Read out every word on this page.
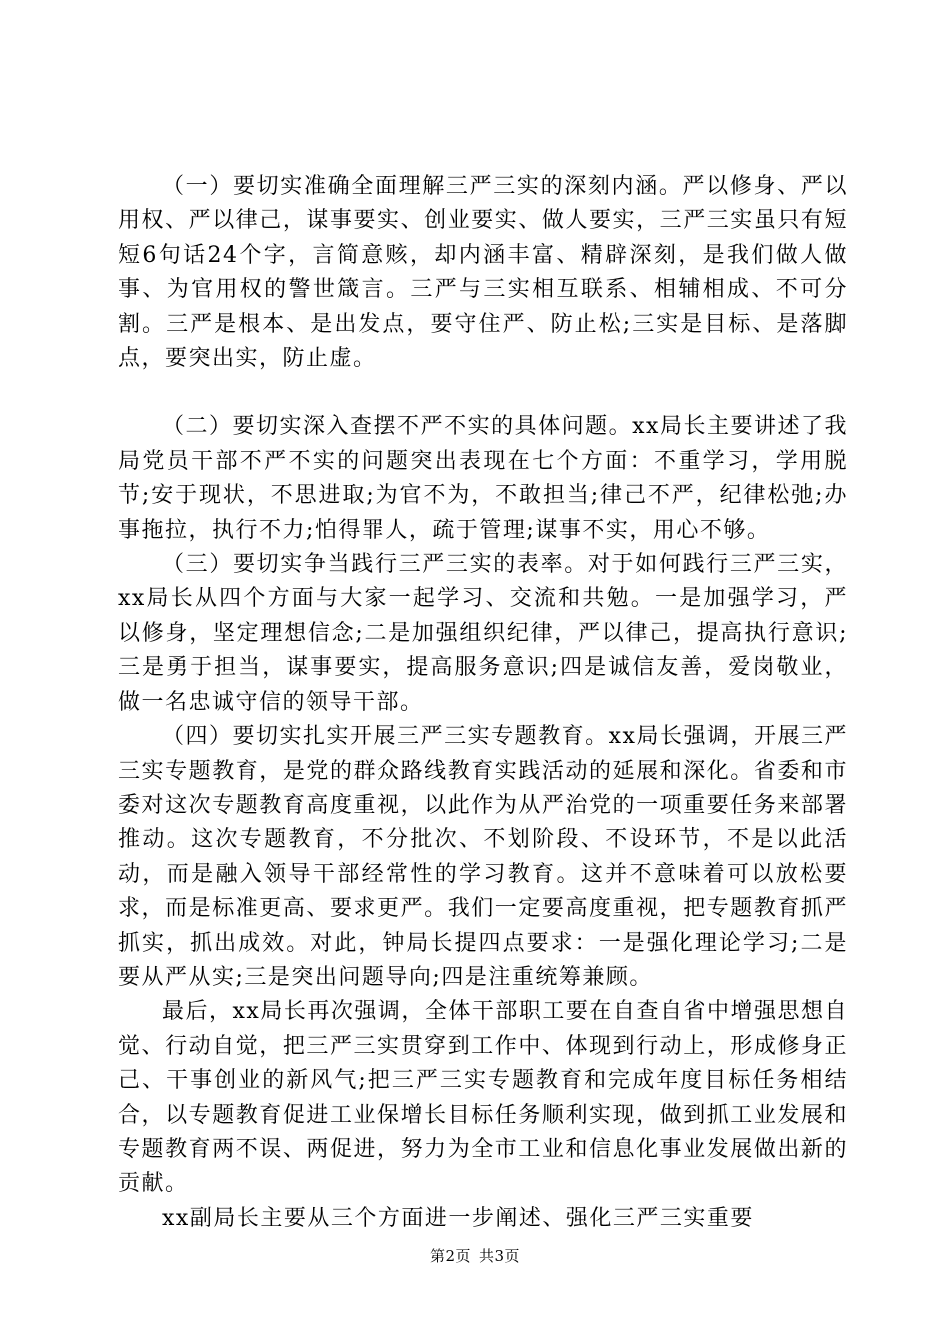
（一）要切实准确全面理解三严三实的深刻内涵。严以修身、严以用权、严以律己，谋事要实、创业要实、做人要实，三严三实虽只有短短6句话24个字，言简意赅，却内涵丰富、精辟深刻，是我们做人做事、为官用权的警世箴言。三严与三实相互联系、相辅相成、不可分割。三严是根本、是出发点，要守住严、防止松;三实是目标、是落脚点，要突出实，防止虚。

（二）要切实深入查摆不严不实的具体问题。xx局长主要讲述了我局党员干部不严不实的问题突出表现在七个方面：不重学习，学用脱节;安于现状，不思进取;为官不为，不敢担当;律己不严，纪律松弛;办事拖拉，执行不力;怕得罪人，疏于管理;谋事不实，用心不够。

（三）要切实争当践行三严三实的表率。对于如何践行三严三实，xx局长从四个方面与大家一起学习、交流和共勉。一是加强学习，严以修身，坚定理想信念;二是加强组织纪律，严以律己，提高执行意识;三是勇于担当，谋事要实，提高服务意识;四是诚信友善，爱岗敬业，做一名忠诚守信的领导干部。

（四）要切实扎实开展三严三实专题教育。xx局长强调，开展三严三实专题教育，是党的群众路线教育实践活动的延展和深化。省委和市委对这次专题教育高度重视，以此作为从严治党的一项重要任务来部署推动。这次专题教育，不分批次、不划阶段、不设环节，不是以此活动，而是融入领导干部经常性的学习教育。这并不意味着可以放松要求，而是标准更高、要求更严。我们一定要高度重视，把专题教育抓严抓实，抓出成效。对此，钟局长提四点要求：一是强化理论学习;二是要从严从实;三是突出问题导向;四是注重统筹兼顾。

最后，xx局长再次强调，全体干部职工要在自查自省中增强思想自觉、行动自觉，把三严三实贯穿到工作中、体现到行动上，形成修身正己、干事创业的新风气;把三严三实专题教育和完成年度目标任务相结合，以专题教育促进工业保增长目标任务顺利实现，做到抓工业发展和专题教育两不误、两促进，努力为全市工业和信息化事业发展做出新的贡献。

xx副局长主要从三个方面进一步阐述、强化三严三实重要

第2页 共3页
